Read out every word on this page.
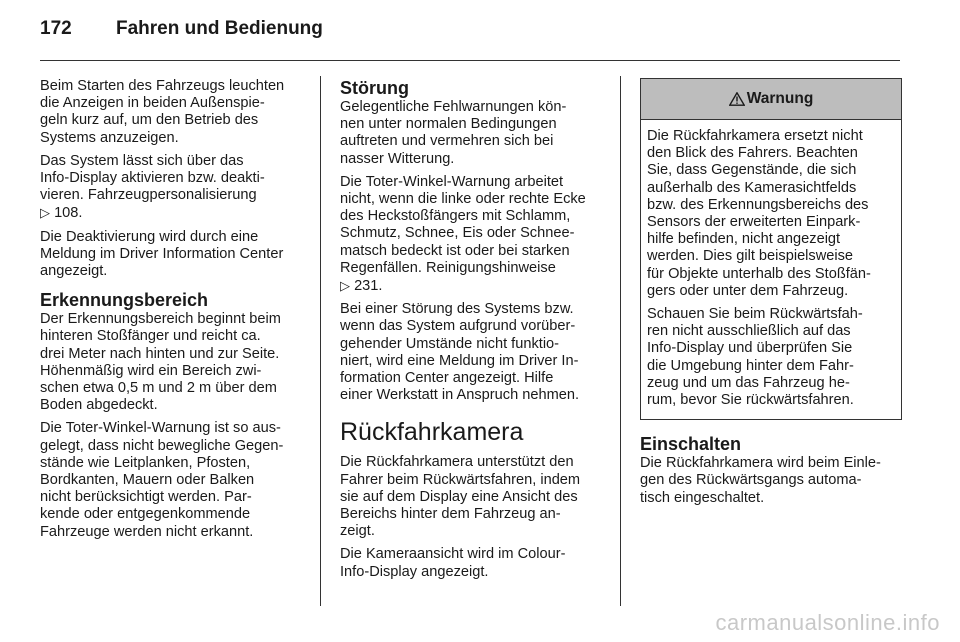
172 Fahren und Bedienung

Beim Starten des Fahrzeugs leuchten
die Anzeigen in beiden Außenspie-
geln kurz auf, um den Betrieb des
Systems anzuzeigen.

Das System lässt sich über das
Info-Display aktivieren bzw. deakti-
vieren. Fahrzeugpersonalisierung
▷ 108.

Die Deaktivierung wird durch eine
Meldung im Driver Information Center
angezeigt.

Erkennungsbereich

Der Erkennungsbereich beginnt beim
hinteren Stoßfänger und reicht ca.
drei Meter nach hinten und zur Seite.
Höhenmäßig wird ein Bereich zwi-
schen etwa 0,5 m und 2 m über dem
Boden abgedeckt.

Die Toter-Winkel-Warnung ist so aus-
gelegt, dass nicht bewegliche Gegen-
stände wie Leitplanken, Pfosten,
Bordkanten, Mauern oder Balken
nicht berücksichtigt werden. Par-
kende oder entgegenkommende
Fahrzeuge werden nicht erkannt.

Störung

Gelegentliche Fehlwarnungen kön-
nen unter normalen Bedingungen
auftreten und vermehren sich bei
nasser Witterung.

Die Toter-Winkel-Warnung arbeitet
nicht, wenn die linke oder rechte Ecke
des Heckstoßfängers mit Schlamm,
Schmutz, Schnee, Eis oder Schnee-
matsch bedeckt ist oder bei starken
Regenfällen. Reinigungshinweise
▷ 231.

Bei einer Störung des Systems bzw.
wenn das System aufgrund vorüber-
gehender Umstände nicht funktio-
niert, wird eine Meldung im Driver In-
formation Center angezeigt. Hilfe
einer Werkstatt in Anspruch nehmen.

Rückfahrkamera

Die Rückfahrkamera unterstützt den
Fahrer beim Rückwärtsfahren, indem
sie auf dem Display eine Ansicht des
Bereichs hinter dem Fahrzeug an-
zeigt.

Die Kameraansicht wird im Colour-
Info-Display angezeigt.

Warnung

Die Rückfahrkamera ersetzt nicht
den Blick des Fahrers. Beachten
Sie, dass Gegenstände, die sich
außerhalb des Kamerasichtfelds
bzw. des Erkennungsbereichs des
Sensors der erweiterten Einpark-
hilfe befinden, nicht angezeigt
werden. Dies gilt beispielsweise
für Objekte unterhalb des Stoßfän-
gers oder unter dem Fahrzeug.

Schauen Sie beim Rückwärtsfah-
ren nicht ausschließlich auf das
Info-Display und überprüfen Sie
die Umgebung hinter dem Fahr-
zeug und um das Fahrzeug he-
rum, bevor Sie rückwärtsfahren.

Einschalten

Die Rückfahrkamera wird beim Einle-
gen des Rückwärtsgangs automa-
tisch eingeschaltet.

carmanualsonline.info
